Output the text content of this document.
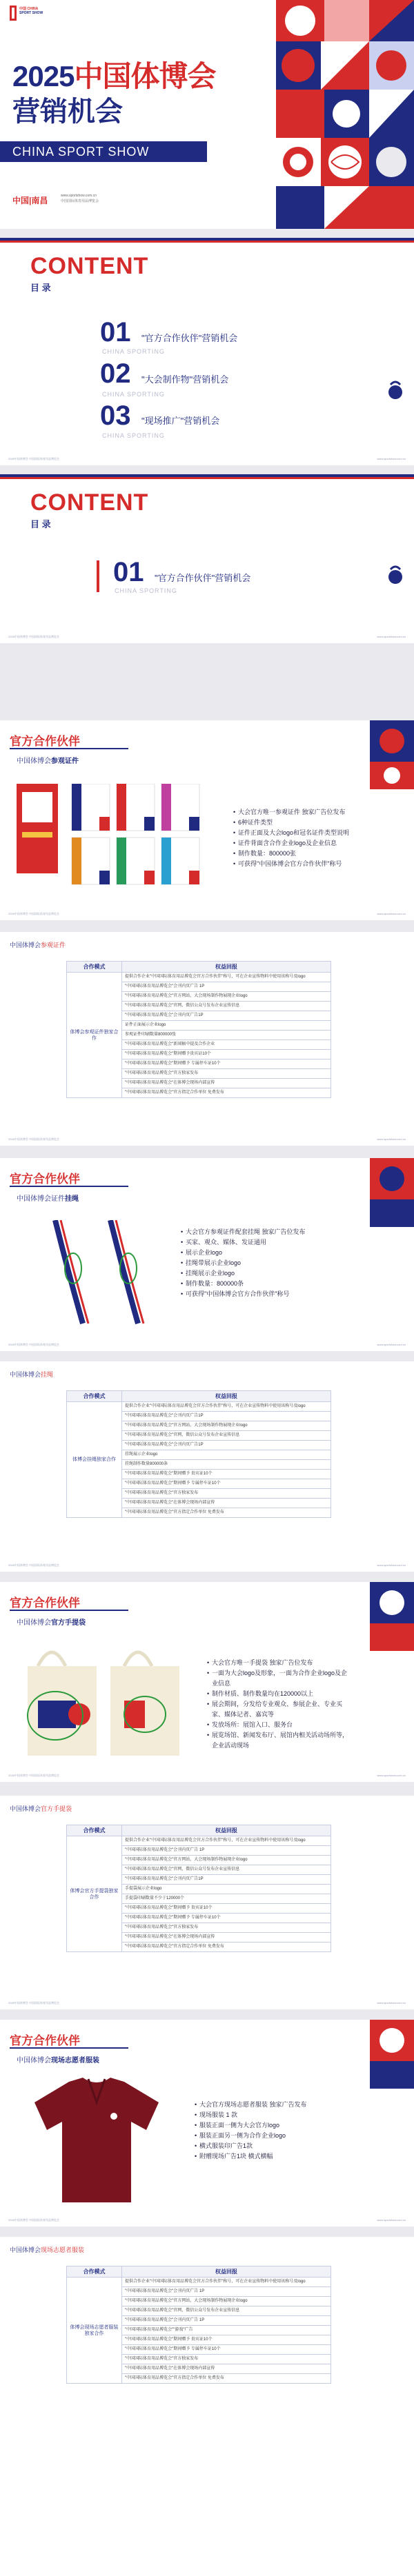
中国 CHINA
SPORT SHOW
2025中国体博会
营销机会
CHINA SPORT SHOW
中国|南昌	www.sportshow.com.cn
中国国际体育用品博览会
CONTENT
目 录
01 "官方合作伙伴"营销机会
CHINA SPORTING
02 "大会制作物"营销机会
CHINA SPORTING
03 "现场推广"营销机会
CHINA SPORTING
2025中国体博会 中国国际体育用品博览会	www.sportshow.com.cn
CONTENT
目 录
01 "官方合作伙伴"营销机会
CHINA SPORTING
2025中国体博会 中国国际体育用品博览会	www.sportshow.com.cn
官方合作伙伴
中国体博会参观证件
• 大会官方唯一参观证件 独家广告位发布
• 6种证件类型
• 证件正面及大会logo和冠名证件类型说明
• 证件背面含合作企业logo及企业信息
• 制作数量：800000张
• 可获得"中国体博会官方合作伙伴"称号
2025中国体博会 中国国际体育用品博览会	www.sportshow.com.cn
中国体博会参观证件
合作模式	权益回报
体博会参观证件独家合作	提供合作企业"中国国际体育用品博览会官方合作伙伴"称号，可在企业宣传物料中使用该称号及logo
	"中国国际体育用品博览会"会刊内页广告 1P
	"中国国际体育用品博览会"官方网站，大会现场制作物展现企业logo
	"中国国际体育用品博览会"官网，微信公众号发布企业宣传信息
	"中国国际体育用品博览会"会刊内页广告1P
	证件正面展示企业logo
	参观证件印刷数量800000张
	"中国国际体育用品博览会"新闻稿中提及合作企业
	"中国国际体育用品博览会"期间赠予贵宾证10个
	"中国国际体育用品博览会"期间赠予 专属停车证10个
	"中国国际体育用品博览会"官方独家发布
	"中国国际体育用品博览会"在体博会现场内部宣传
	"中国国际体育用品博览会"官方指定合作单位 免费发布
2025中国体博会 中国国际体育用品博览会	www.sportshow.com.cn
官方合作伙伴
中国体博会证件挂绳
• 大会官方参观证件配套挂绳 独家广告位发布
• 买家、观众、媒体、发证通用
• 展示企业logo
• 挂绳带展示企业logo
• 挂绳展示企业logo
• 制作数量：800000条
• 可获得"中国体博会官方合作伙伴"称号
2025中国体博会 中国国际体育用品博览会	www.sportshow.com.cn
中国体博会挂绳
合作模式	权益回报
体博会挂绳独家合作	提供合作企业"中国国际体育用品博览会官方合作伙伴"称号，可在企业宣传物料中使用该称号及logo
	"中国国际体育用品博览会"会刊内页广告1P
	"中国国际体育用品博览会"官方网站，大会现场制作物展现企业logo
	"中国国际体育用品博览会"官网，微信公众号发布企业宣传信息
	"中国国际体育用品博览会"会刊内页广告1P
	挂绳展示企业logo
	挂绳制作数量800000条
	"中国国际体育用品博览会"期间赠予 贵宾证10个
	"中国国际体育用品博览会"期间赠予 专属停车证10个
	"中国国际体育用品博览会"官方独家发布
	"中国国际体育用品博览会"在体博会现场内部宣传
	"中国国际体育用品博览会"官方指定合作单位 免费发布
2025中国体博会 中国国际体育用品博览会	www.sportshow.com.cn
官方合作伙伴
中国体博会官方手提袋
• 大会官方唯一手提袋 独家广告位发布
• 一面为大会logo及形象，一面为合作企业logo及企业信息
• 制作材质、制作数量均在120000以上
• 展会期间，分发给专业观众、参展企业、专业买家、媒体记者、嘉宾等
• 发放场所：展馆入口、服务台
• 展览场馆、新闻发布厅、展馆内相关活动场所等，企业活动现场
2025中国体博会 中国国际体育用品博览会	www.sportshow.com.cn
中国体博会官方手提袋
合作模式	权益回报
体博会官方手提袋独家合作	提供合作企业"中国国际体育用品博览会官方合作伙伴"称号，可在企业宣传物料中使用该称号及logo
	"中国国际体育用品博览会"会刊内页广告 1P
	"中国国际体育用品博览会"官方网站，大会现场制作物展现企业logo
	"中国国际体育用品博览会"官网，微信公众号发布企业宣传信息
	"中国国际体育用品博览会"会刊内页广告1P
	手提袋展示企业logo
	手提袋印刷数量不少于120000个
	"中国国际体育用品博览会"期间赠予 贵宾证10个
	"中国国际体育用品博览会"期间赠予 专属停车证10个
	"中国国际体育用品博览会"官方独家发布
	"中国国际体育用品博览会"在体博会现场内部宣传
	"中国国际体育用品博览会"官方指定合作单位 免费发布
2025中国体博会 中国国际体育用品博览会	www.sportshow.com.cn
官方合作伙伴
中国体博会现场志愿者服装
• 大会官方现场志愿者服装 独家广告发布
• 现场服装 1 款
• 服装正面一侧为大会官方logo
• 服装正面另一侧为合作企业logo
• 横式服装印广告1款
• 附赠现场广告1块 横式横幅
2025中国体博会 中国国际体育用品博览会	www.sportshow.com.cn
中国体博会现场志愿者服装
合作模式	权益回报
体博会现场志愿者服装独家合作	提供合作企业"中国国际体育用品博览会官方合作伙伴"称号，可在企业宣传物料中使用该称号及logo
	"中国国际体育用品博览会"会刊内页广告 1P
	"中国国际体育用品博览会"官方网站，大会现场制作物展现企业logo
	"中国国际体育用品博览会"官网，微信公众号发布企业宣传信息
	"中国国际体育用品博览会"会刊内页广告 1P
	"中国国际体育用品博览会""游戏"广告
	"中国国际体育用品博览会"期间赠予 贵宾证10个
	"中国国际体育用品博览会"期间赠予 专属停车证10个
	"中国国际体育用品博览会"官方独家发布
	"中国国际体育用品博览会"在体博会现场内部宣传
	"中国国际体育用品博览会"官方指定合作单位 免费发布
